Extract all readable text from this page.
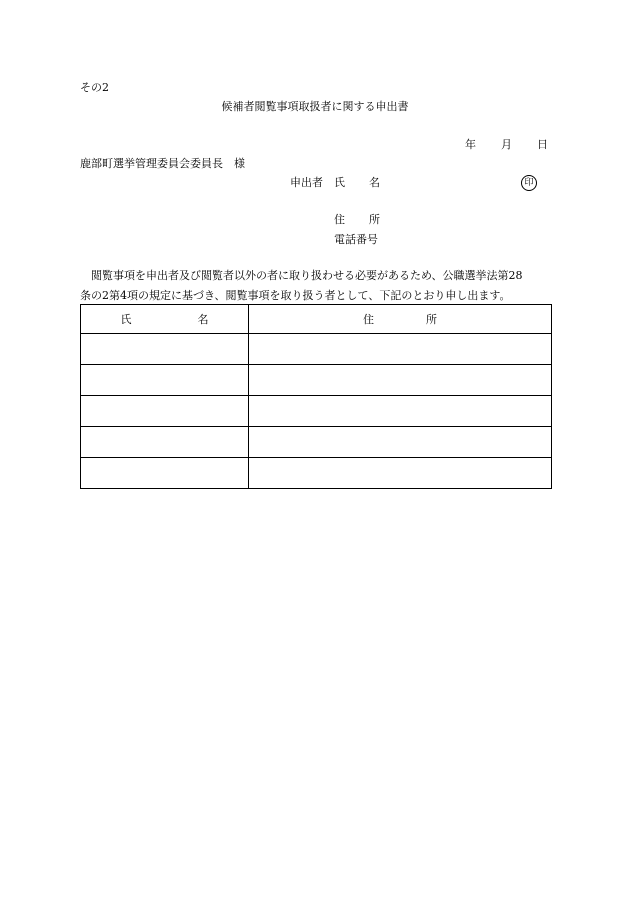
その2
候補者閲覧事項取扱者に関する申出書
年 月 日
鹿部町選挙管理委員会委員長　様
申出者 氏 名	印
住 所
電話番号
　閲覧事項を申出者及び閲覧者以外の者に取り扱わせる必要があるため、公職選挙法第28
条の2第4項の規定に基づき、閲覧事項を取り扱う者として、下記のとおり申し出ます。
氏 名	住 所
